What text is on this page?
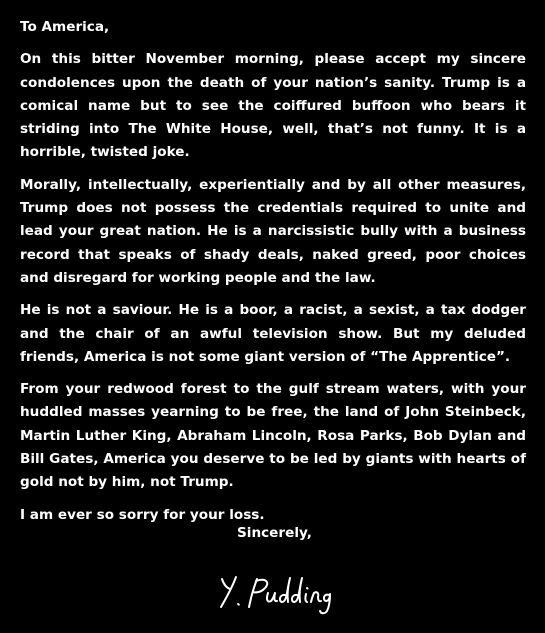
To America,

On this bitter November morning, please accept my sincere condolences upon the death of your nation’s sanity. Trump is a comical name but to see the coiffured buffoon who bears it striding into The White House, well, that’s not funny. It is a horrible, twisted joke.

Morally, intellectually, experientially and by all other measures, Trump does not possess the credentials required to unite and lead your great nation. He is a narcissistic bully with a business record that speaks of shady deals, naked greed, poor choices and disregard for working people and the law.

He is not a saviour. He is a boor, a racist, a sexist, a tax dodger and the chair of an awful television show. But my deluded friends, America is not some giant version of “The Apprentice”.

From your redwood forest to the gulf stream waters, with your huddled masses yearning to be free, the land of John Steinbeck, Martin Luther King, Abraham Lincoln, Rosa Parks, Bob Dylan and Bill Gates, America you deserve to be led by giants with hearts of gold not by him, not Trump.

I am ever so sorry for your loss.

Sincerely,
